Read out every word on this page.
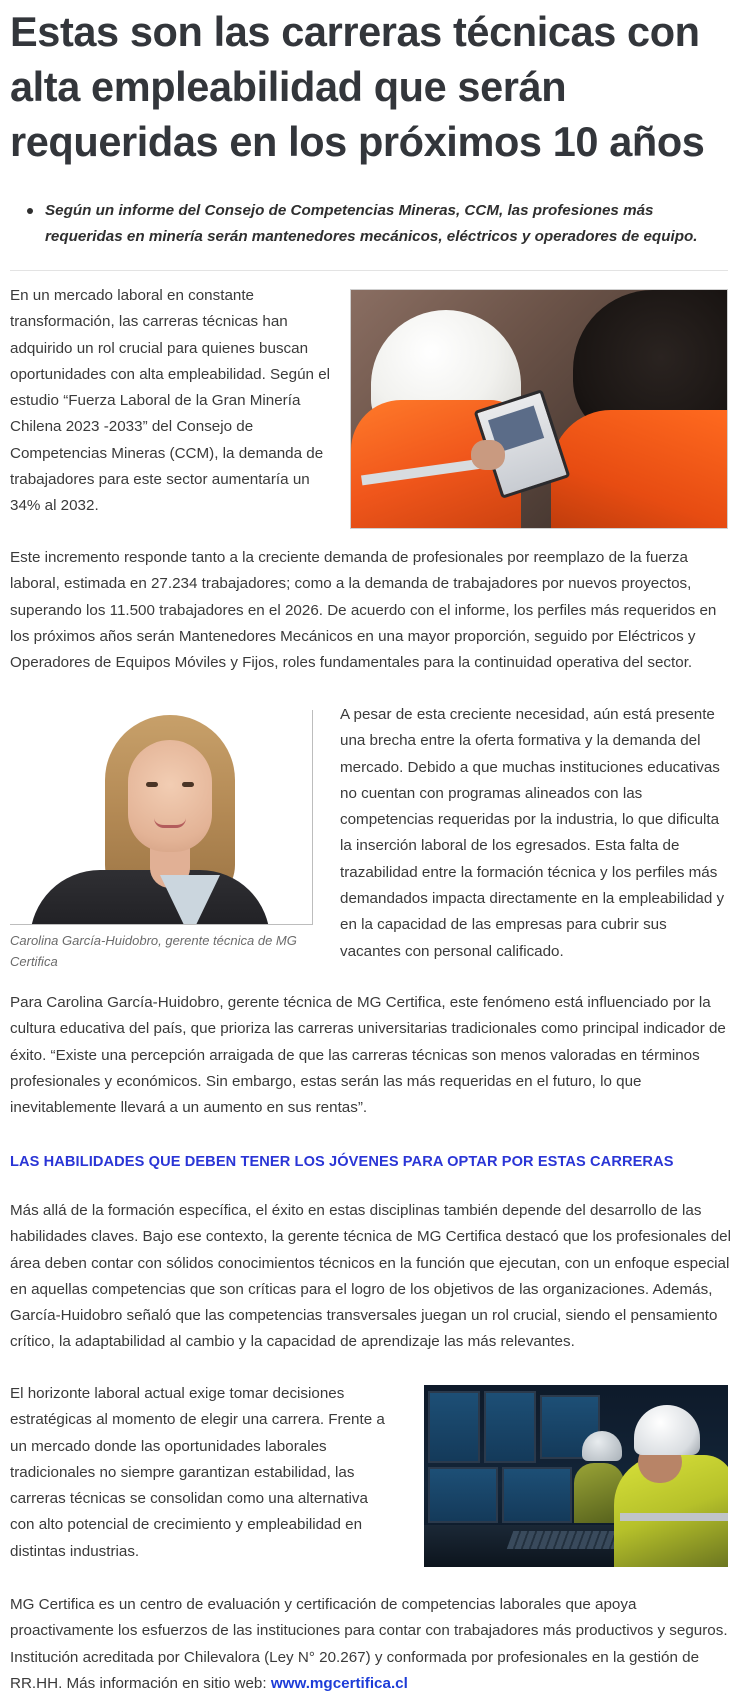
Estas son las carreras técnicas con alta empleabilidad que serán requeridas en los próximos 10 años
Según un informe del Consejo de Competencias Mineras, CCM, las profesiones más requeridas en minería serán mantenedores mecánicos, eléctricos y operadores de equipo.

En un mercado laboral en constante transformación, las carreras técnicas han adquirido un rol crucial para quienes buscan oportunidades con alta empleabilidad. Según el estudio “Fuerza Laboral de la Gran Minería Chilena 2023 -2033” del Consejo de Competencias Mineras (CCM), la demanda de trabajadores para este sector aumentaría un 34% al 2032.

Este incremento responde tanto a la creciente demanda de profesionales por reemplazo de la fuerza laboral, estimada en 27.234 trabajadores; como a la demanda de trabajadores por nuevos proyectos, superando los 11.500 trabajadores en el 2026. De acuerdo con el informe, los perfiles más requeridos en los próximos años serán Mantenedores Mecánicos en una mayor proporción, seguido por Eléctricos y Operadores de Equipos Móviles y Fijos, roles fundamentales para la continuidad operativa del sector.

Carolina García-Huidobro, gerente técnica de MG Certifica

A pesar de esta creciente necesidad, aún está presente una brecha entre la oferta formativa y la demanda del mercado. Debido a que muchas instituciones educativas no cuentan con programas alineados con las competencias requeridas por la industria, lo que dificulta la inserción laboral de los egresados. Esta falta de trazabilidad entre la formación técnica y los perfiles más demandados impacta directamente en la empleabilidad y en la capacidad de las empresas para cubrir sus vacantes con personal calificado.

Para Carolina García-Huidobro, gerente técnica de MG Certifica, este fenómeno está influenciado por la cultura educativa del país, que prioriza las carreras universitarias tradicionales como principal indicador de éxito. “Existe una percepción arraigada de que las carreras técnicas son menos valoradas en términos profesionales y económicos. Sin embargo, estas serán las más requeridas en el futuro, lo que inevitablemente llevará a un aumento en sus rentas”.

LAS HABILIDADES QUE DEBEN TENER LOS JÓVENES PARA OPTAR POR ESTAS CARRERAS

Más allá de la formación específica, el éxito en estas disciplinas también depende del desarrollo de las habilidades claves. Bajo ese contexto, la gerente técnica de MG Certifica destacó que los profesionales del área deben contar con sólidos conocimientos técnicos en la función que ejecutan, con un enfoque especial en aquellas competencias que son críticas para el logro de los objetivos de las organizaciones. Además, García-Huidobro señaló que las competencias transversales juegan un rol crucial, siendo el pensamiento crítico, la adaptabilidad al cambio y la capacidad de aprendizaje las más relevantes.

El horizonte laboral actual exige tomar decisiones estratégicas al momento de elegir una carrera. Frente a un mercado donde las oportunidades laborales tradicionales no siempre garantizan estabilidad, las carreras técnicas se consolidan como una alternativa con alto potencial de crecimiento y empleabilidad en distintas industrias.

MG Certifica es un centro de evaluación y certificación de competencias laborales que apoya proactivamente los esfuerzos de las instituciones para contar con trabajadores más productivos y seguros. Institución acreditada por Chilevalora (Ley N° 20.267) y conformada por profesionales en la gestión de RR.HH. Más información en sitio web: www.mgcertifica.cl
